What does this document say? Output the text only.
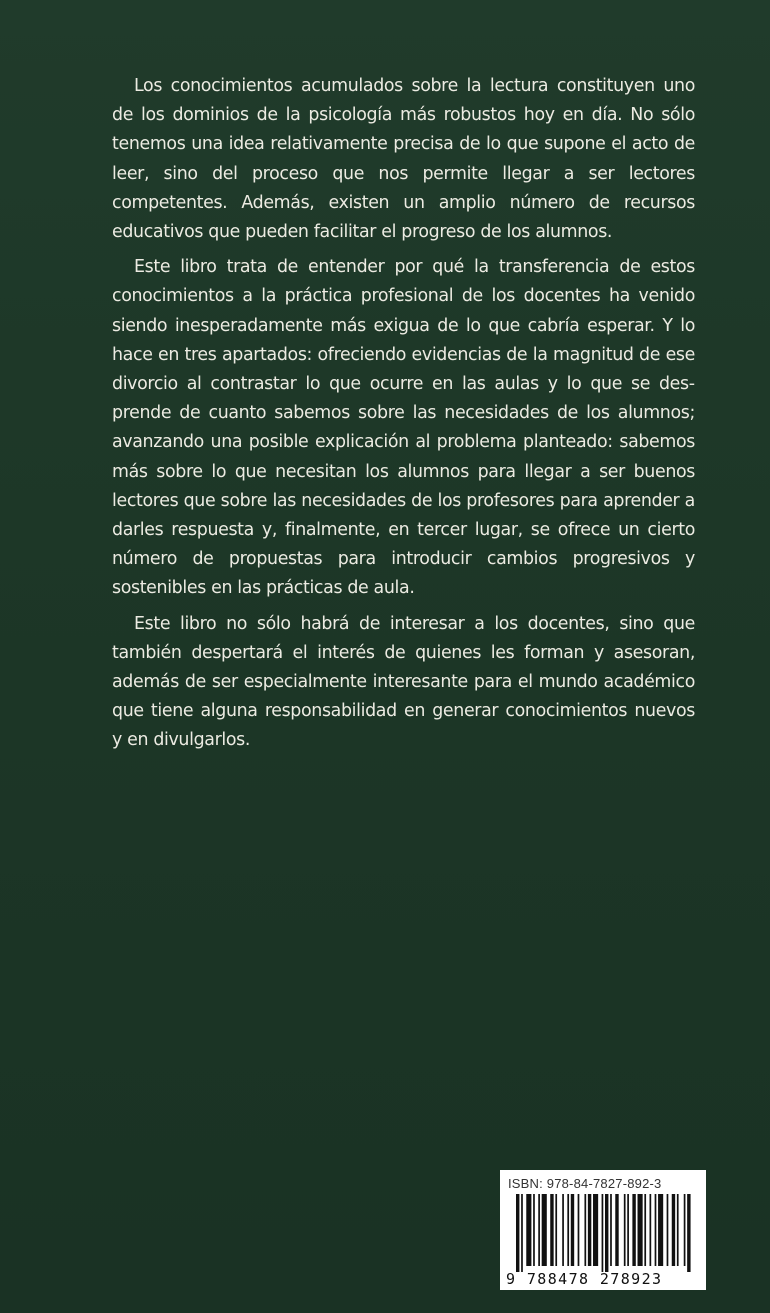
Los conocimientos acumulados sobre la lectura constituyen uno de los dominios de la psicología más robustos hoy en día. No sólo tenemos una idea relativamente precisa de lo que supone el acto de leer, sino del proceso que nos permite llegar a ser lectores competentes. Además, existen un amplio número de recursos educativos que pueden facilitar el progreso de los alumnos.

Este libro trata de entender por qué la transferencia de estos conocimientos a la práctica profesional de los docentes ha venido siendo inesperadamente más exigua de lo que cabría esperar. Y lo hace en tres apartados: ofreciendo evidencias de la magnitud de ese divorcio al contrastar lo que ocurre en las aulas y lo que se desprende de cuanto sabemos sobre las necesidades de los alumnos; avanzando una posible explicación al problema planteado: sabemos más sobre lo que necesitan los alumnos para llegar a ser buenos lectores que sobre las necesidades de los profesores para aprender a darles respuesta y, finalmente, en tercer lugar, se ofrece un cierto número de propuestas para introducir cambios progresivos y sostenibles en las prácticas de aula.

Este libro no sólo habrá de interesar a los docentes, sino que también despertará el interés de quienes les forman y asesoran, además de ser especialmente interesante para el mundo académico que tiene alguna responsabilidad en generar conocimientos nuevos y en divulgarlos.

ISBN: 978-84-7827-892-3
9 788478 278923
